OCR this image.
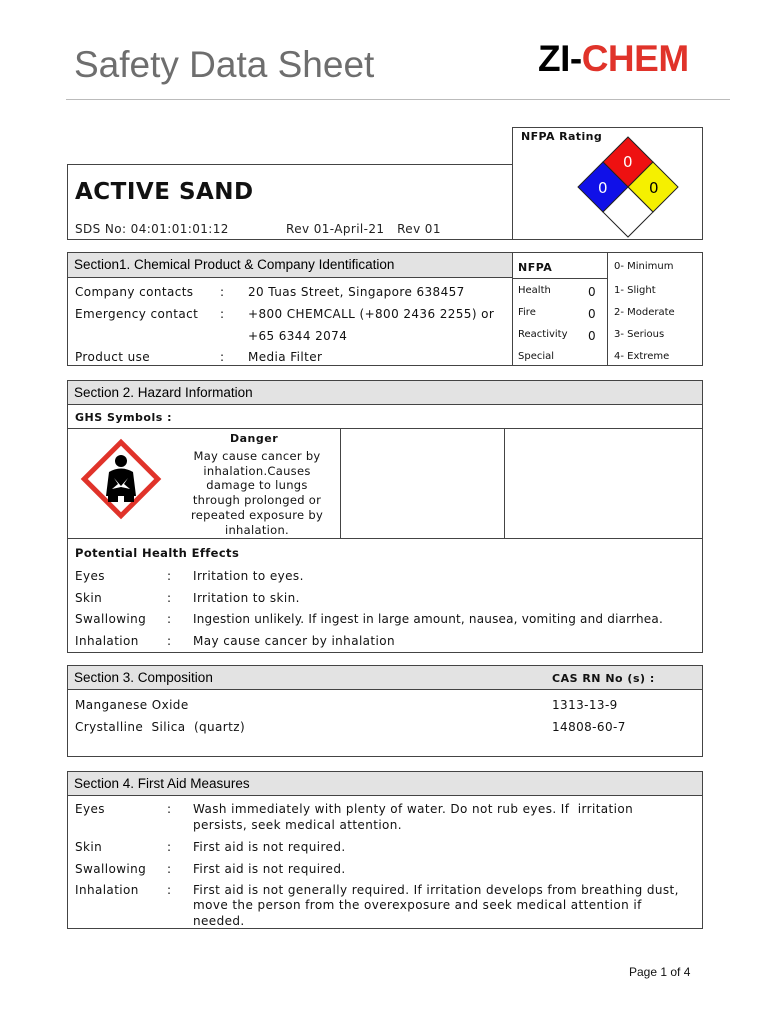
Safety Data Sheet	ZI-CHEM
ACTIVE SAND
SDS No: 04:01:01:01:12	Rev 01-April-21   Rev 01
NFPA Rating
0
0	0
Section1. Chemical Product & Company Identification
Company contacts : 20 Tuas Street, Singapore 638457
Emergency contact : +800 CHEMCALL (+800 2436 2255) or
+65 6344 2074
Product use	: Media Filter
NFPA
Health	0
Fire	0
Reactivity 0
Special
0- Minimum
1- Slight
2- Moderate
3- Serious
4- Extreme
Section 2. Hazard Information
GHS Symbols :
Danger
May cause cancer by
inhalation.Causes
damage to lungs
through prolonged or
repeated exposure by
inhalation.
Potential Health Effects
Eyes	: Irritation to eyes.
Skin	: Irritation to skin.
Swallowing : Ingestion unlikely. If ingest in large amount, nausea, vomiting and diarrhea.
Inhalation : May cause cancer by inhalation
Section 3. Composition	CAS RN No (s) :
Manganese Oxide	1313-13-9
Crystalline  Silica  (quartz)	14808-60-7
Section 4. First Aid Measures
Eyes	: Wash immediately with plenty of water. Do not rub eyes. If  irritation
persists, seek medical attention.
Skin	: First aid is not required.
Swallowing : First aid is not required.
Inhalation : First aid is not generally required. If irritation develops from breathing dust,
move the person from the overexposure and seek medical attention if
needed.
Page 1 of 4
